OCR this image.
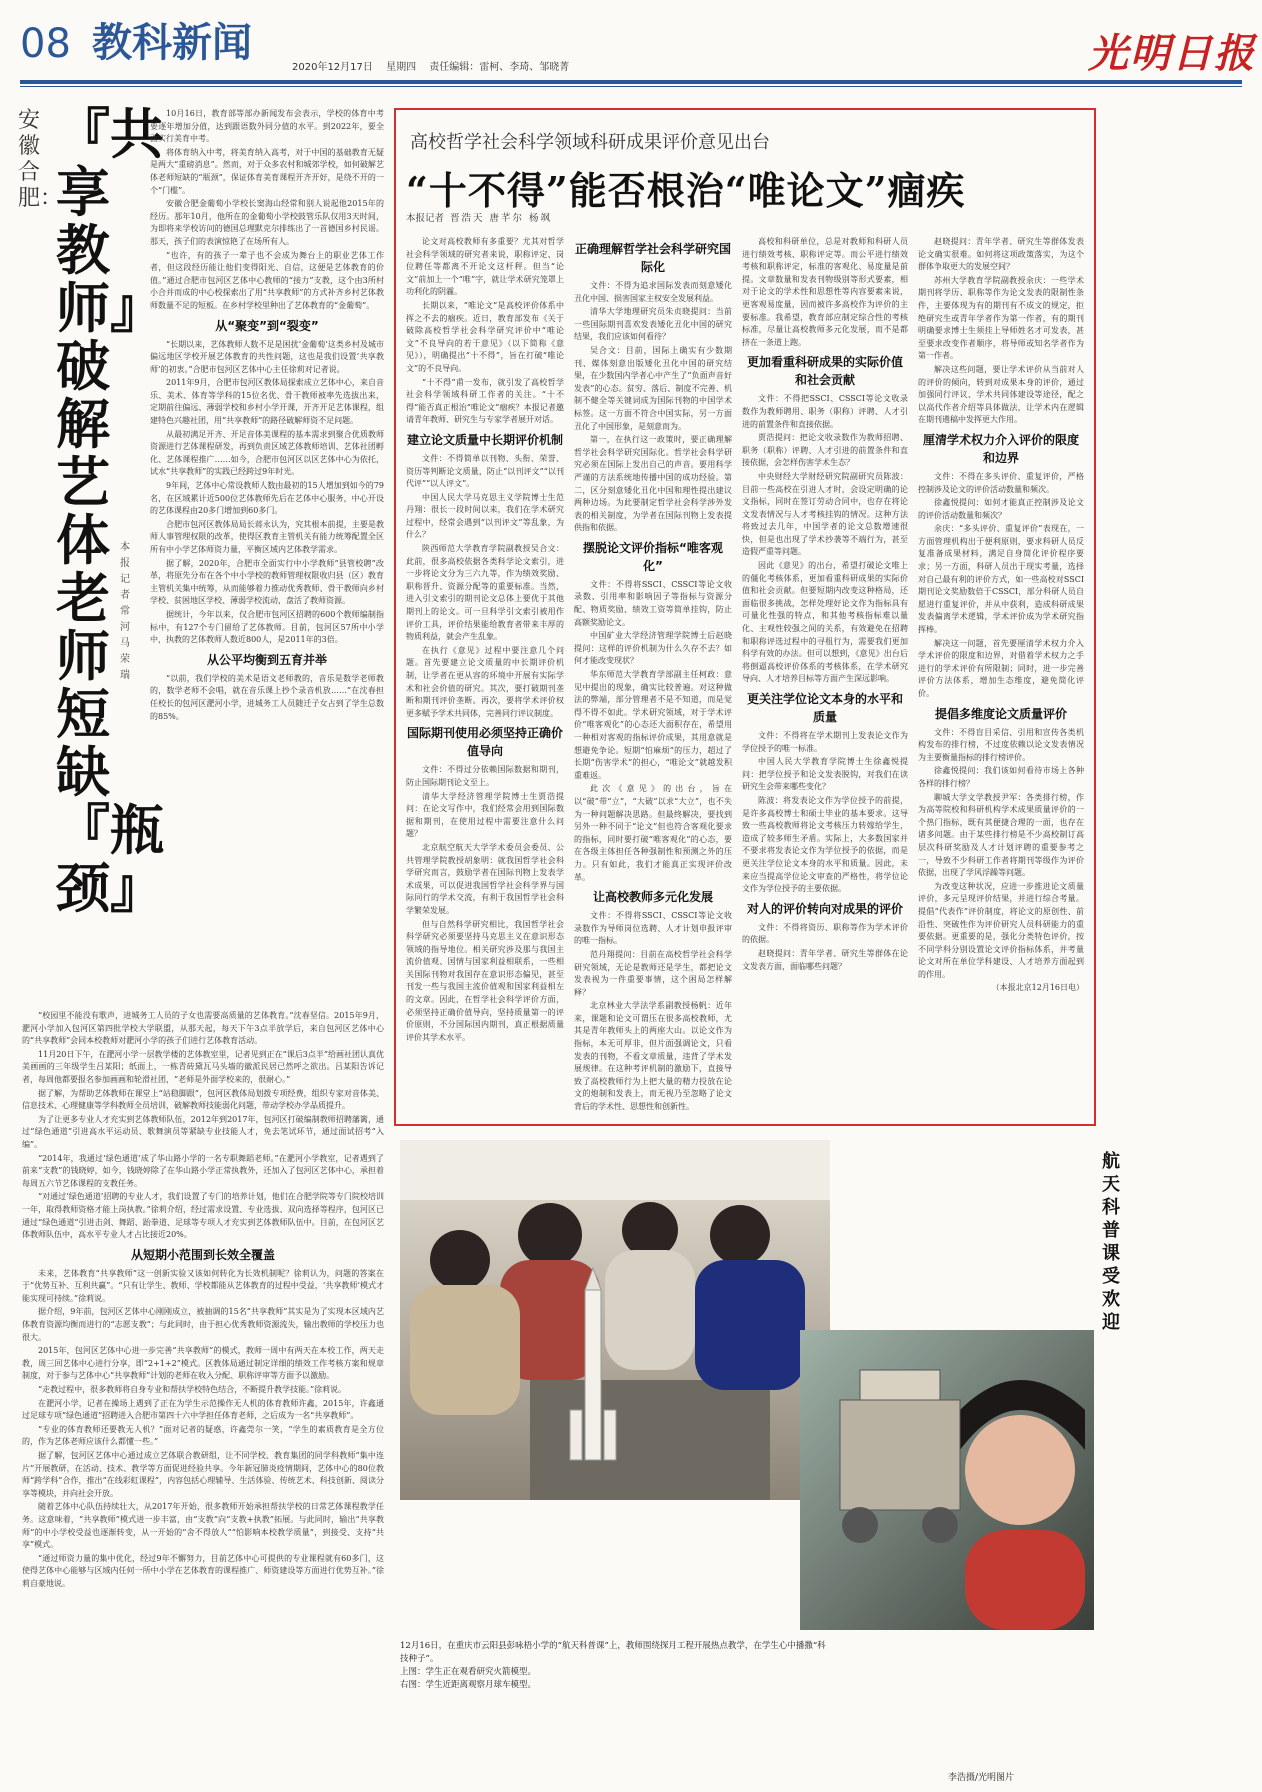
08 教科新闻
2020年12月17日 星期四 责任编辑：雷柯、李琦、邹晓菁	光明日报
安徽合肥：
『共享教师』破解艺体老师短缺『瓶颈』
本报记者 常河 马荣瑞

10月16日，教育部等部办新闻发布会表示，学校的体育中考要逐年增加分值，达到跟语数外同分值的水平。到2022年，要全面实行美育中考。

将体育纳入中考，将美育纳入高考，对于中国的基础教育无疑是两大“重磅消息”。然而，对于众多农村和城郊学校，如何破解艺体老师短缺的“瓶颈”，保证体育美育课程开齐开好，是绕不开的一个“门槛”。

安徽合肥金葡萄小学校长窦海山经常和别人说起他2015年的经历。那年10月，他所在的金葡萄小学校鼓管乐队仅用3天时间，为即将来学校访问的德国总理默克尔排练出了一首德国乡村民谣。那天，孩子们的表演惊艳了在场所有人。

“也许，有的孩子一辈子也不会成为舞台上的职业艺体工作者，但这段经历能让他们变得阳光、自信，这便是艺体教育的价值。”通过合肥市包河区艺体中心教师的“接力”支教，这个由3所村小合并而成的中心校探索出了用“共享教师”的方式补齐乡村艺体教师数量不足的短板。在乡村学校里种出了艺体教育的“金葡萄”。

从“聚变”到“裂变”

“长期以来，艺体教师人数不足是困扰‘金葡萄’这类乡村及城市偏远地区学校开展艺体教育的共性问题，这也是我们设置‘共享教师’的初衷。”合肥市包河区艺体中心主任徐莉对记者说。

2011年9月，合肥市包河区教体局探索成立艺体中心，来自音乐、美术、体育等学科的15位名优、骨干教师被率先选拔出来，定期前往偏远、薄弱学校和乡村小学开课，开齐开足艺体课程，组建特色兴趣社团，用“共享教师”的路径破解师资不足问题。

从最初满足开齐、开足音体美课程的基本需求到聚合优质教师资源进行艺体课程研发，再到负责区域艺体教师培训、艺体社团孵化、艺体课程推广……如今，合肥市包河区以区艺体中心为依托，试水“共享教师”的实践已经跨过9年时光。

9年间，艺体中心常设教师人数由最初的15人增加到如今的79名，在区域累计近500位艺体教师先后在艺体中心服务，中心开设的艺体课程由20多门增加到60多门。

合肥市包河区教体局局长蒋永认为，究其根本前提，主要是教师人事管理权限的改革，使得区教育主管机关有能力统筹配置全区所有中小学艺体师资力量，平衡区域内艺体教学需求。

据了解，2020年，合肥市全面实行中小学教师“县管校聘”改革，将原先分布在各个中小学校的教师管理权限收归县（区）教育主管机关集中统筹，从而能够着力推动优秀教师、骨干教师向乡村学校、贫困地区学校、薄弱学校流动，盘活了教师资源。

据统计，今年以来，仅合肥市包河区招聘的600个教师编制指标中，有127个专门留给了艺体教师。目前，包河区57所中小学中，执教的艺体教师人数近800人，是2011年的3倍。

从公平均衡到五育并举

“以前，我们学校的美术是语文老师教的，音乐是数学老师教的，数学老师不会唱，就在音乐课上抄个录音机放……”在沈春担任校长的包河区淝河小学，进城务工人员随迁子女占到了学生总数的85%。

“校园里不能没有歌声，进城务工人员的子女也需要高质量的艺体教育。”沈春坚信。2015年9月，淝河小学加入包河区第四批学校大学联盟，从那天起，每天下午3点半放学后，来自包河区艺体中心的“共享教师”会同本校教师对淝河小学的孩子们进行艺体教育活动。

11月20日下午，在淝河小学一层教学楼的艺体教室里，记者见到正在“课后3点半”给画社团认真优美画画的三年级学生吕某阳；纸面上，一栋青砖黛瓦马头墙的徽派民居已然呼之欲出。吕某阳告诉记者，每周他都要报名参加画画和轮滑社团，“老师是外面学校来的，很耐心。”

据了解，为帮助艺体教师在课堂上“站稳脚跟”，包河区教体局划拨专项经费，组织专家对音体美、信息技术、心理健康等学科教师全员培训，破解教师技能弱化问题，带动学校办学品质提升。

为了让更多专业人才充实到艺体教师队伍，2012年到2017年，包河区打破编制教师招聘藩篱，通过“绿色通道”引进高水平运动员、歌舞演员等紧缺专业技能人才，免去笔试环节，通过面试招考“入编”。

“2014年，我通过‘绿色通道’成了华山路小学的一名专职舞蹈老师。”在淝河小学教室，记者遇到了前来“支教”的钱晓婷，如今，钱晓婷除了在华山路小学正常执教外，还加入了包河区艺体中心，承担着每周五六节艺体课程的支教任务。

“对通过‘绿色通道’招聘的专业人才，我们设置了专门的培养计划，他们在合肥学院等专门院校培训一年，取得教师资格才能上岗执教。”徐莉介绍，经过需求设置、专业选拔、双向选择等程序，包河区已通过“绿色通道”引进击剑、舞蹈、跆拳道、足球等专项人才充实到艺体教师队伍中。目前，在包河区艺体教师队伍中，高水平专业人才占比接近20%。

从短期小范围到长效全覆盖

未来，艺体教育“共享教师”这一创新实验又该如何转化为长效机制呢？徐莉认为，问题的答案在于“优势互补、互利共赢”。“只有让学生、教师、学校都能从艺体教育的过程中受益，‘共享教师’模式才能实现可持续。”徐莉说。

据介绍，9年前，包河区艺体中心刚刚成立，被抽调的15名“共享教师”其实是为了实现本区域内艺体教育资源均衡而进行的“志愿支教”；与此同时，由于担心优秀教师资源流失，输出教师的学校压力也很大。

2015年，包河区艺体中心进一步完善“共享教师”的模式，教师一周中有两天在本校工作，两天走教，周三回艺体中心进行分享，即“2+1+2”模式。区教体局通过制定详细的绩效工作考核方案和规章制度，对于参与艺体中心“共享教师”计划的老师在收入分配、职称评审等方面予以激励。

“走教过程中，很多教师将自身专业和帮扶学校特色结合，不断提升教学技能。”徐莉说。

在淝河小学，记者在操场上遇到了正在为学生示范操作无人机的体育教师许鑫，2015年，许鑫通过足球专项“绿色通道”招聘进入合肥市第四十六中学担任体育老师，之后成为一名“共享教师”。

“专业的体育教师还要教无人机？”面对记者的疑惑，许鑫莞尔一笑，“学生的素质教育是全方位的，作为艺体老师应该什么都懂一些。”

据了解，包河区艺体中心通过成立艺体联合教研组，让不同学校、教育集团的同学科教师“集中连片”开展教研，在活动、技术、教学等方面促进经验共享。今年新冠肺炎疫情期间，艺体中心的80位教师“跨学科”合作，推出“在线彩虹课程”，内容包括心理辅导、生活体验、传统艺术、科技创新、阅读分享等模块，并向社会开放。

随着艺体中心队伍持续壮大，从2017年开始，很多教师开始承担帮扶学校的日常艺体课程教学任务。这意味着，“共享教师”模式进一步丰富，由“支教”向“支教+执教”拓展。与此同时，输出“共享教师”的中小学校受益也逐渐转变，从一开始的“舍不得放人”“怕影响本校教学质量”，到接受、支持“共享”模式。

“通过师资力量的集中优化，经过9年不懈努力，目前艺体中心可提供的专业课程就有60多门，这使得艺体中心能够与区域内任何一所中小学在艺体教育的课程推广、师资建设等方面进行优势互补。”徐莉自豪地说。

高校哲学社会科学领域科研成果评价意见出台
“十不得”能否根治“唯论文”痼疾
本报记者 晋浩天 唐芊尔 杨飒

论文对高校教师有多重要？尤其对哲学社会科学领域的研究者来说，职称评定、岗位聘任等都离不开论文这杆秤。但当“论文”前加上一个“唯”字，就让学术研究笼罩上功利化的阴霾。

长期以来，“唯论文”是高校评价体系中挥之不去的痼疾。近日，教育部发布《关于破除高校哲学社会科学研究评价中“唯论文”不良导向的若干意见》（以下简称《意见》），明确提出“十不得”，旨在打破“唯论文”的不良导向。

“十不得”甫一发布，就引发了高校哲学社会科学领域科研工作者的关注。“十不得”能否真正根治“唯论文”痼疾？本报记者邀请青年教师、研究生与专家学者展开对话。

建立论文质量中长期评价机制

文件：不得简单以刊物、头衔、荣誉、资历等判断论文质量，防止“以刊评文”“以刊代评”“以人评文”。

中国人民大学马克思主义学院博士生范丹翔：很长一段时间以来，我们在学术研究过程中，经常会遇到“以刊评文”等乱象，为什么？

陕西师范大学教育学院副教授吴合文：此前，很多高校依据各类科学论文索引，进一步将论文分为三六九等，作为绩效奖励、职称晋升、资源分配等的重要标准。当然，进入引文索引的期刊论文总体上要优于其他期刊上的论文。可一旦科学引文索引被用作评价工具，评价结果能给教育者带来丰厚的物质利益，就会产生乱象。

在执行《意见》过程中要注意几个问题。首先要建立论文质量的中长期评价机制，让学者在更从容的环境中开展有实际学术和社会价值的研究。其次，要打破期刊垄断和期刊评价垄断。再次，要将学术评价权更多赋予学术共同体，完善同行评议制度。

国际期刊使用必须坚持正确价值导向

文件：不得过分依赖国际数据和期刊，防止国际期刊论文至上。

清华大学经济管理学院博士生贾浩提问：在论文写作中，我们经常会用到国际数据和期刊，在使用过程中需要注意什么问题？

北京航空航天大学学术委员会委员、公共管理学院教授胡象明：就我国哲学社会科学研究而言，鼓励学者在国际刊物上发表学术成果，可以促进我国哲学社会科学界与国际同行的学术交流，有利于我国哲学社会科学繁荣发展。

但与自然科学研究相比，我国哲学社会科学研究必须要坚持马克思主义在意识形态领域的指导地位。相关研究涉及那与我国主流价值观、国情与国家利益相联系，一些相关国际刊物对我国存在意识形态偏见，甚至刊发一些与我国主流价值观和国家利益相左的文章。因此，在哲学社会科学评价方面，必须坚持正确价值导向，坚持质量第一的评价原则，不分国际国内期刊，真正根据质量评价其学术水平。

正确理解哲学社会科学研究国际化

文件：不得为追求国际发表而刻意矮化丑化中国、损害国家主权安全发展利益。

清华大学地理研究员朱贞晓提问：当前一些国际期刊喜欢发表矮化丑化中国的研究结果，我们应该如何看待？

吴合文：目前，国际上确实有少数期刊、媒体刻意出版矮化丑化中国的研究结果，在少数国内学者心中产生了“负面声音好发表”的心态。贫穷、落后、制度不完善、机制不健全等关键词成为国际刊物的中国学术标签。这一方面不符合中国实际，另一方面丑化了中国形象，是刻意而为。

第一，在执行这一政策时，要正确理解哲学社会科学研究国际化。哲学社会科学研究必须在国际上发出自己的声音。要用科学严谨的方法系统地传播中国的成功经验。第二，区分刻意矮化丑化中国和理性提出建议两种边场。为此要制定哲学社会科学涉外发表的相关制度，为学者在国际刊物上发表提供指和依据。

摆脱论文评价指标“唯客观化”

文件：不得将SSCI、CSSCI等论文收录数、引用率和影响因子等指标与资源分配、物质奖励、绩效工资等简单挂钩，防止高额奖励论文。

中国矿业大学经济管理学院博士后赵晓提问：这样的评价机制为什么久存不去？如何才能改变现状？

华东师范大学教育学部副主任柯政：意见中提出的现象，确实比较普遍。对这种做法的弊端，部分管理者不是不知道，而是觉得不得不如此。学术研究领域，对于学术评价“唯客观化”的心态还大面积存在，希望用一种相对客观的指标评价成果，其用意就是想避免争论。短期“怕麻烦”的压力，超过了长期“伤害学术”的担心，“唯论文”就越发积重难返。

此次《意见》的出台，旨在以“破”带“立”，“大破”以求“大立”，也不失为一种问题解决思路。但最终解决，要找到另外一种不同于“论文”但也符合客观化要求的指标，同时要打破“唯客观化”的心态，要在各级主体担任各种强制性和预测之外的压力。只有如此，我们才能真正实现评价改革。

让高校教师多元化发展

文件：不得将SSCI、CSSCI等论文收录数作为导师岗位选聘、人才计划申报评审的唯一指标。

范丹翔提问：目前在高校哲学社会科学研究领域，无论是教师还是学生，都把论文发表视为一件重要事情，这个困局怎样解释？

北京林业大学法学系副教授杨帆：近年来，课题和论文可谓压在很多高校教师，尤其是青年教师头上的两座大山。以论文作为指标，本无可厚非，但片面强调论文，只看发表的刊物，不看文章质量，违背了学术发展规律。在这种考评机制的激励下，直接导致了高校教师行为上把大量的精力投放在论文的炮制和发表上，而无视乃至忽略了论文背后的学术性、思想性和创新性。

高校和科研单位，总是对教师和科研人员进行绩效考核、职称评定等。而公平进行绩效考核和职称评定，标准的客观化、易度量是前提。文章数量和发表刊物级别等形式要素，相对于论文的学术性和思想性等内容要素来说，更客观易度量，因而被许多高校作为评价的主要标准。我希望，教育部应制定综合性的考核标准，尽量让高校教师多元化发展，而不是都挤在一条道上跑。

更加看重科研成果的实际价值和社会贡献

文件：不得把SSCI、CSSCI等论文收录数作为教师聘用、职务（职称）评聘、人才引进的前置条件和直接依据。

贾浩提问：把论文收录数作为教师招聘、职务（职称）评聘、人才引进的前置条件和直接依据，会怎样伤害学术生态？

中央财经大学财经研究院副研究员陈波：目前一些高校在引进人才时，会设定明确的论文指标，同时在签订劳动合同中，也存在将论文发表情况与人才考核挂钩的情况。这种方法将致过去几年，中国学者的论文总数增速很快，但是也出现了学术抄袭等不端行为，甚至造假严重等问题。

因此《意见》的出台，希望打破论文唯上的僵化考核体系，更加看重科研成果的实际价值和社会贡献。但要短期内改变这种格局，还面临很多挑战，怎样处理好论文作为指标具有可量化性强的特点，和其他考核指标难以量化、主观性较强之间的关系，有效避免在招聘和职称评选过程中的寻租行为，需要我们更加科学有效的办法。但可以想到，《意见》出台后将倒逼高校评价体系的考核体系，在学术研究导向、人才培养目标等方面产生深远影响。

更关注学位论文本身的水平和质量

文件：不得将在学术期刊上发表论文作为学位授予的唯一标准。

中国人民大学教育学院博士生徐鑫悦提问：把学位授予和论文发表脱钩，对我们在读研究生会带来哪些变化？

陈波：将发表论文作为学位授予的前提，是许多高校博士和硕士毕业的基本要求。这导致一些高校教师将论文考核压力转嫁给学生，造成了较多师生矛盾。实际上，大多数国家并不要求将发表论文作为学位授予的依据，而是更关注学位论文本身的水平和质量。因此，未来应当提高学位论文审查的严格性，将学位论文作为学位授予的主要依据。

对人的评价转向对成果的评价

文件：不得将资历、职称等作为学术评价的依据。

赵晓提问：青年学者、研究生等群体在论文发表方面，面临哪些问题？

赵晓提问：青年学者、研究生等群体发表论文确实很难。如何将这项政策落实，为这个群体争取更大的发展空间？

苏州大学教育学院副教授余庆：一些学术期刊将学历、职称等作为论文发表的限制性条件，主要体现为有的期刊有不成文的规定，拒绝研究生或青年学者作为第一作者，有的期刊明确要求博士生须挂上导师姓名才可发表，甚至要求改变作者顺序，将导师或知名学者作为第一作者。

解决这些问题，要让学术评价从当前对人的评价的倾向，转到对成果本身的评价，通过加强同行评议、学术共同体建设等途径，配之以高代作者介绍等具体做法，让学术内在逻辑在期刊遴稿中发挥更大作用。

厘清学术权力介入评价的限度和边界

文件：不得在多头评价、重复评价，严格控制涉及论文的评价活动数量和频次。

徐鑫悦提问：如何才能真正控制涉及论文的评价活动数量和频次？

余庆：“多头评价、重复评价”表现在，一方面管理机构出于便利原则，要求科研人员反复准备成果材料，满足自身简化评价程序要求；另一方面，科研人员出于现实考量，选择对自己最有利的评价方式，如一些高校对SSCI期刊论文奖励数倍于CSSCI，部分科研人员自愿进行重复评价，并从中获利，造成科研成果发表偏离学术逻辑，学术评价成为学术研究指挥棒。

解决这一问题，首先要厘清学术权力介入学术评价的限度和边界，对借着学术权力之手进行的学术评价有所限制；同时，进一步完善评价方法体系，增加生态维度，避免简化评价。

提倡多维度论文质量评价

文件：不得盲目采信、引用和宣传各类机构发布的排行榜，不过度依赖以论文发表情况为主要衡量指标的排行榜评价。

徐鑫悦提问：我们该如何看待市场上各种各样的排行榜？

聊城大学文学教授尹军：各类排行榜，作为高等院校和科研机构学术成果质量评价的一个热门指标，既有其便捷合理的一面，也存在诸多问题。由于某些排行榜是不少高校制订高层次科研奖励及人才计划评聘的重要参考之一，导致不少科研工作者将期刊等级作为评价依据，出现了学风浮躁等问题。

为改变这种状况，应进一步推进论文质量评价，多元呈现评价结果，并进行综合考量。提倡“代表作”评价制度，将论文的原创性、前沿性、突破性作为评价研究人员科研能力的重要依据。更重要的是，强化分类特色评价，按不同学科分别设置论文评价指标体系，并考量论文对所在单位学科建设、人才培养方面起到的作用。

（本报北京12月16日电）
航天科普课受欢迎

12月16日，在重庆市云阳县彭咏梧小学的“航天科普课”上，教师围绕探月工程开展热点教学，在学生心中播撒“科技种子”。

上图：学生正在观看研究火箭模型。

右图：学生近距离观察月球车模型。

李浩摄/光明图片
